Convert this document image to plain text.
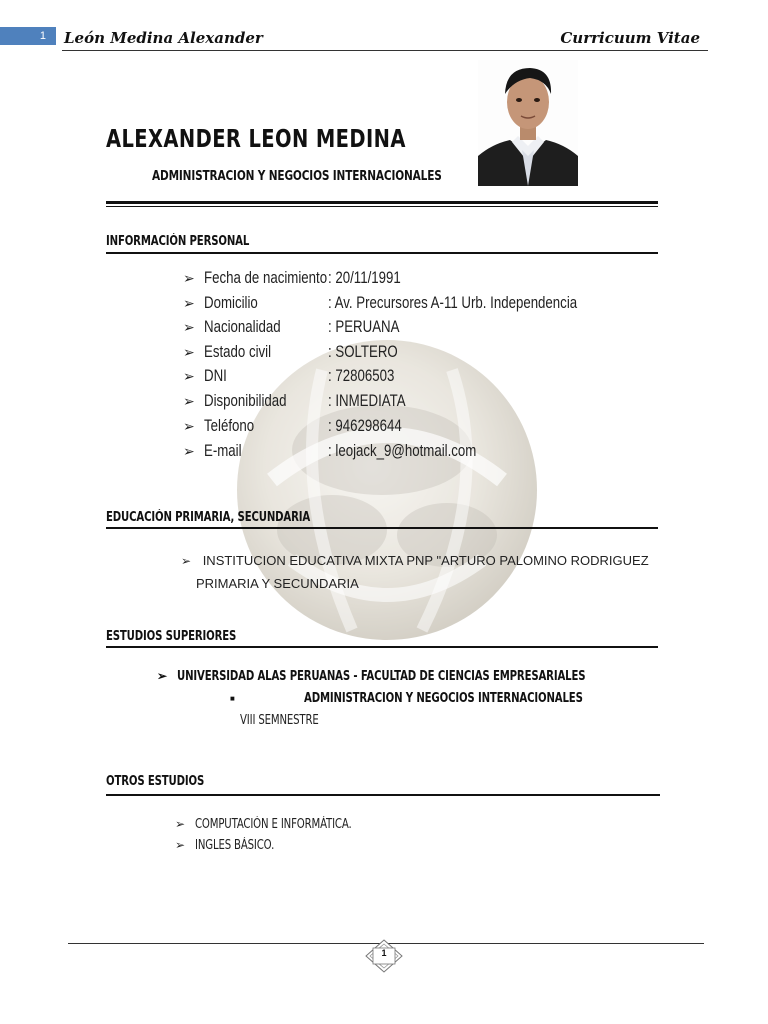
1	León Medina Alexander	Curricuum Vitae
ALEXANDER LEON MEDINA
ADMINISTRACION Y NEGOCIOS INTERNACIONALES
INFORMACIÓN PERSONAL
➢ Fecha de nacimiento : 20/11/1991
➢ Domicilio	: Av. Precursores A-11 Urb. Independencia
➢ Nacionalidad	: PERUANA
➢ Estado civil	: SOLTERO
➢ DNI	: 72806503
➢ Disponibilidad : INMEDIATA
➢ Teléfono	: 946298644
➢ E-mail	: leojack_9@hotmail.com
EDUCACIÓN PRIMARIA, SECUNDARIA
➢ INSTITUCION EDUCATIVA MIXTA PNP "ARTURO PALOMINO RODRIGUEZ
PRIMARIA Y SECUNDARIA
ESTUDIOS SUPERIORES
➢ UNIVERSIDAD ALAS PERUANAS - FACULTAD DE CIENCIAS EMPRESARIALES
■	ADMINISTRACION Y NEGOCIOS INTERNACIONALES
VIII SEMNESTRE
OTROS ESTUDIOS
➢ COMPUTACIÓN E INFORMÁTICA.
➢ INGLES BÁSICO.
1
